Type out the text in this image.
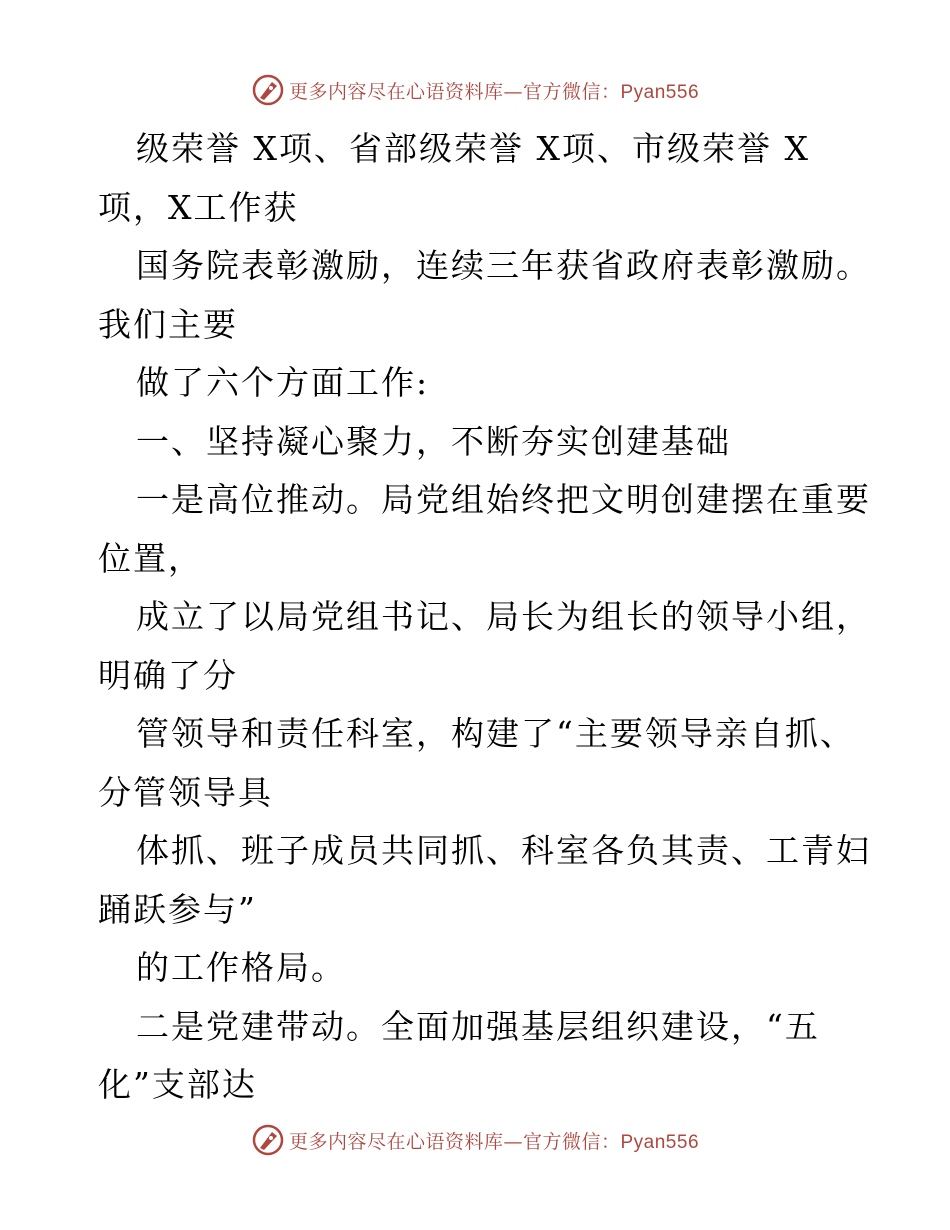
更多内容尽在心语资料库—官方微信：Pyan556
级荣誉 X项、省部级荣誉 X项、市级荣誉 X
项，X工作获
国务院表彰激励，连续三年获省政府表彰激励。
我们主要
做了六个方面工作:
一、坚持凝心聚力，不断夯实创建基础
一是高位推动。局党组始终把文明创建摆在重要
位置，
成立了以局党组书记、局长为组长的领导小组，
明确了分
管领导和责任科室，构建了“主要领导亲自抓、
分管领导具
体抓、班子成员共同抓、科室各负其责、工青妇
踊跃参与”
的工作格局。
二是党建带动。全面加强基层组织建设，“五
化”支部达
更多内容尽在心语资料库—官方微信：Pyan556
